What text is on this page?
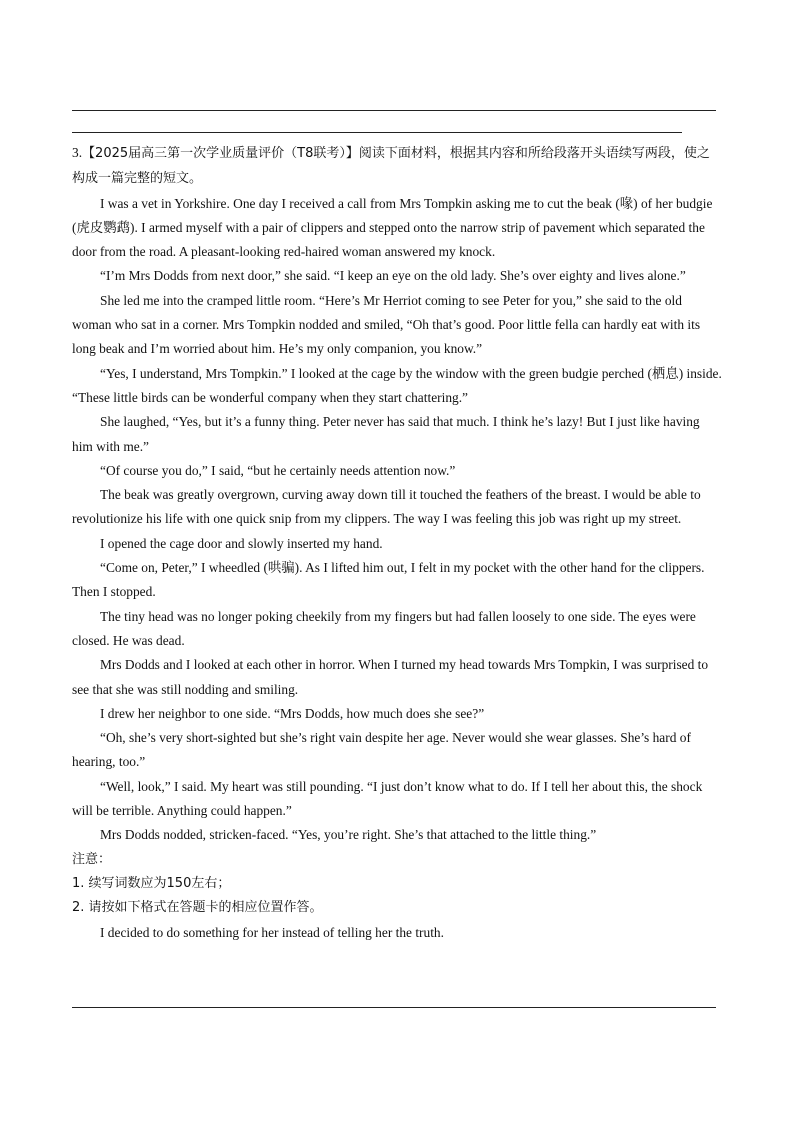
3.【2025届高三第一次学业质量评价（T8联考）】阅读下面材料，根据其内容和所给段落开头语续写两段，使之构成一篇完整的短文。

I was a vet in Yorkshire. One day I received a call from Mrs Tompkin asking me to cut the beak (喙) of her budgie (虎皮鹦鹉). I armed myself with a pair of clippers and stepped onto the narrow strip of pavement which separated the door from the road. A pleasant-looking red-haired woman answered my knock.

“I’m Mrs Dodds from next door,” she said. “I keep an eye on the old lady. She’s over eighty and lives alone.”

She led me into the cramped little room. “Here’s Mr Herriot coming to see Peter for you,” she said to the old woman who sat in a corner. Mrs Tompkin nodded and smiled, “Oh that’s good. Poor little fella can hardly eat with its long beak and I’m worried about him. He’s my only companion, you know.”

“Yes, I understand, Mrs Tompkin.” I looked at the cage by the window with the green budgie perched (栖息) inside. “These little birds can be wonderful company when they start chattering.”

She laughed, “Yes, but it’s a funny thing. Peter never has said that much. I think he’s lazy! But I just like having him with me.”

“Of course you do,” I said, “but he certainly needs attention now.”

The beak was greatly overgrown, curving away down till it touched the feathers of the breast. I would be able to revolutionize his life with one quick snip from my clippers. The way I was feeling this job was right up my street.

I opened the cage door and slowly inserted my hand.

“Come on, Peter,” I wheedled (哄骗). As I lifted him out, I felt in my pocket with the other hand for the clippers. Then I stopped.

The tiny head was no longer poking cheekily from my fingers but had fallen loosely to one side. The eyes were closed. He was dead.

Mrs Dodds and I looked at each other in horror. When I turned my head towards Mrs Tompkin, I was surprised to see that she was still nodding and smiling.

I drew her neighbor to one side. “Mrs Dodds, how much does she see?”

“Oh, she’s very short-sighted but she’s right vain despite her age. Never would she wear glasses. She’s hard of hearing, too.”

“Well, look,” I said. My heart was still pounding. “I just don’t know what to do. If I tell her about this, the shock will be terrible. Anything could happen.”

Mrs Dodds nodded, stricken-faced. “Yes, you’re right. She’s that attached to the little thing.”

注意：

1. 续写词数应为150左右；

2. 请按如下格式在答题卡的相应位置作答。

I decided to do something for her instead of telling her the truth.
